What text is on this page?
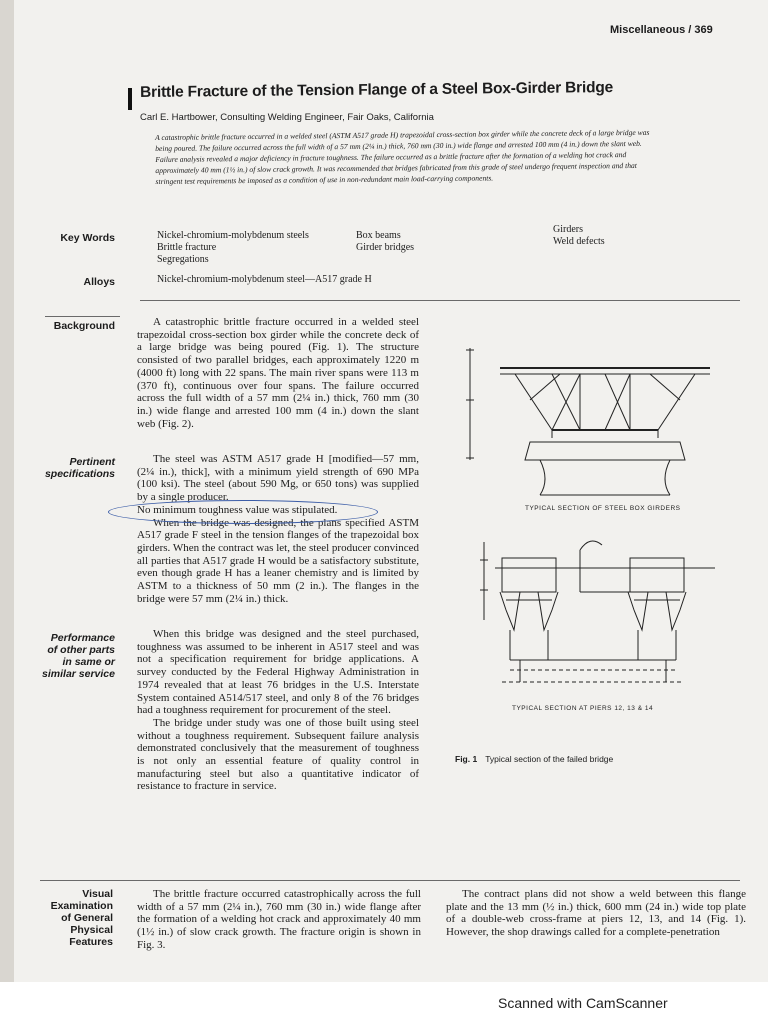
Miscellaneous / 369
Brittle Fracture of the Tension Flange of a Steel Box-Girder Bridge
Carl E. Hartbower, Consulting Welding Engineer, Fair Oaks, California
A catastrophic brittle fracture occurred in a welded steel (ASTM A517 grade H) trapezoidal cross-section box girder while the concrete deck of a large bridge was being poured. The failure occurred across the full width of a 57 mm (2¼ in.) thick, 760 mm (30 in.) wide flange and arrested 100 mm (4 in.) down the slant web. Failure analysis revealed a major deficiency in fracture toughness. The failure occurred as a brittle fracture after the formation of a welding hot crack and approximately 40 mm (1½ in.) of slow crack growth. It was recommended that bridges fabricated from this grade of steel undergo frequent inspection and that stringent test requirements be imposed as a condition of use in non-redundant main load-carrying components.
Key Words	Nickel-chromium-molybdenum steels
Brittle fracture
Segregations
Box beams
Girder bridges
Girders
Weld defects
Alloys	Nickel-chromium-molybdenum steel—A517 grade H
Background	A catastrophic brittle fracture occurred in a welded steel trapezoidal cross-section box girder while the concrete deck of a large bridge was being poured (Fig. 1). The structure consisted of two parallel bridges, each approximately 1220 m (4000 ft) long with 22 spans. The main river spans were 113 m (370 ft), continuous over four spans. The failure occurred across the full width of a 57 mm (2¼ in.) thick, 760 mm (30 in.) wide flange and arrested 100 mm (4 in.) down the slant web (Fig. 2).

Pertinent
specifications

The steel was ASTM A517 grade H [modified—57 mm, (2¼ in.), thick], with a minimum yield strength of 690 MPa (100 ksi). The steel (about 590 Mg, or 650 tons) was supplied by a single producer.

No minimum toughness value was stipulated.

When the bridge was designed, the plans specified ASTM A517 grade F steel in the tension flanges of the trapezoidal box girders. When the contract was let, the steel producer convinced all parties that A517 grade H would be a satisfactory substitute, even though grade H has a leaner chemistry and is limited by ASTM to a thickness of 50 mm (2 in.). The flanges in the bridge were 57 mm (2¼ in.) thick.

Performance
of other parts
in same or
similar service

When this bridge was designed and the steel purchased, toughness was assumed to be inherent in A517 steel and was not a specification requirement for bridge applications. A survey conducted by the Federal Highway Administration in 1974 revealed that at least 76 bridges in the U.S. Interstate System contained A514/517 steel, and only 8 of the 76 bridges had a toughness requirement for procurement of the steel.

The bridge under study was one of those built using steel without a toughness requirement. Subsequent failure analysis demonstrated conclusively that the measurement of toughness is not only an essential feature of quality control in manufacturing steel but also a quantitative indicator of resistance to fracture in service.

TYPICAL SECTION OF STEEL BOX GIRDERS
TYPICAL SECTION AT PIERS 12, 13 & 14
Fig. 1 Typical section of the failed bridge
Visual
Examination
of General
Physical
Features

The brittle fracture occurred catastrophically across the full width of a 57 mm (2¼ in.), 760 mm (30 in.) wide flange after the formation of a welding hot crack and approximately 40 mm (1½ in.) of slow crack growth. The fracture origin is shown in Fig. 3.

The contract plans did not show a weld between this flange plate and the 13 mm (½ in.) thick, 600 mm (24 in.) wide top plate of a double-web cross-frame at piers 12, 13, and 14 (Fig. 1). However, the shop drawings called for a complete-penetration

Scanned with CamScanner
